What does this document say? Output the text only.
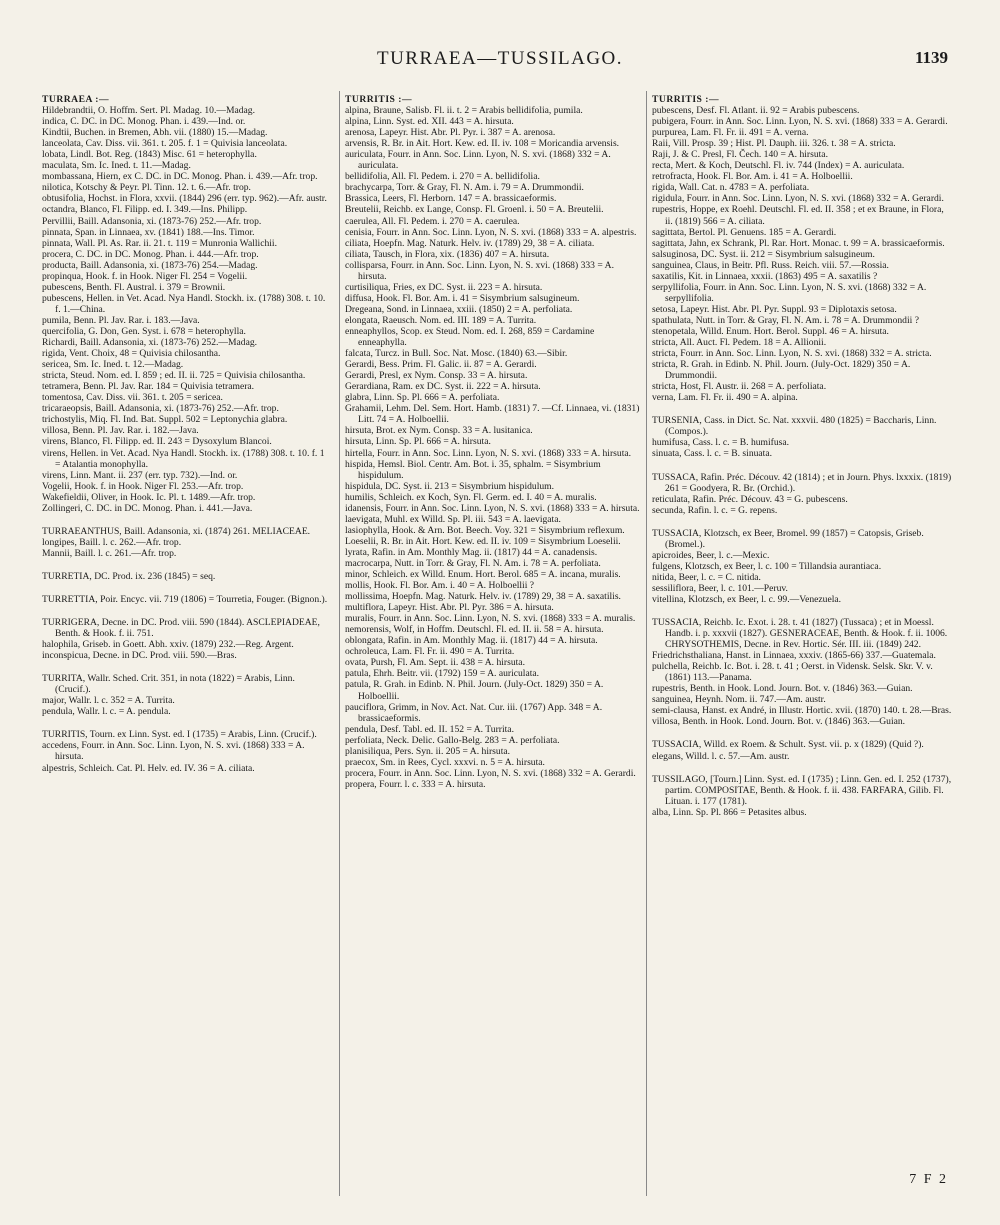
TURRAEA—TUSSILAGO.	1139

TURRAEA :—

Hildebrandtii, O. Hoffm. Sert. Pl. Madag. 10.—Madag.

indica, C. DC. in DC. Monog. Phan. i. 439.—Ind. or.

Kindtii, Buchen. in Bremen, Abh. vii. (1880) 15.—Madag.

lanceolata, Cav. Diss. vii. 361. t. 205. f. 1 = Quivisia lanceolata.

lobata, Lindl. Bot. Reg. (1843) Misc. 61 = heterophylla.

maculata, Sm. Ic. Ined. t. 11.—Madag.

mombassana, Hiern, ex C. DC. in DC. Monog. Phan. i. 439.—Afr. trop.

nilotica, Kotschy & Peyr. Pl. Tinn. 12. t. 6.—Afr. trop.

obtusifolia, Hochst. in Flora, xxvii. (1844) 296 (err. typ. 962).—Afr. austr.

octandra, Blanco, Fl. Filipp. ed. I. 349.—Ins. Philipp.

Pervillii, Baill. Adansonia, xi. (1873-76) 252.—Afr. trop.

pinnata, Span. in Linnaea, xv. (1841) 188.—Ins. Timor.

pinnata, Wall. Pl. As. Rar. ii. 21. t. 119 = Munronia Wallichii.

procera, C. DC. in DC. Monog. Phan. i. 444.—Afr. trop.

producta, Baill. Adansonia, xi. (1873-76) 254.—Madag.

propinqua, Hook. f. in Hook. Niger Fl. 254 = Vogelii.

pubescens, Benth. Fl. Austral. i. 379 = Brownii.

pubescens, Hellen. in Vet. Acad. Nya Handl. Stockh. ix. (1788) 308. t. 10. f. 1.—China.

pumila, Benn. Pl. Jav. Rar. i. 183.—Java.

quercifolia, G. Don, Gen. Syst. i. 678 = heterophylla.

Richardi, Baill. Adansonia, xi. (1873-76) 252.—Madag.

rigida, Vent. Choix, 48 = Quivisia chilosantha.

sericea, Sm. Ic. Ined. t. 12.—Madag.

stricta, Steud. Nom. ed. I. 859 ; ed. II. ii. 725 = Quivisia chilosantha.

tetramera, Benn. Pl. Jav. Rar. 184 = Quivisia tetramera.

tomentosa, Cav. Diss. vii. 361. t. 205 = sericea.

tricaraeopsis, Baill. Adansonia, xi. (1873-76) 252.—Afr. trop.

trichostylis, Miq. Fl. Ind. Bat. Suppl. 502 = Leptonychia glabra.

villosa, Benn. Pl. Jav. Rar. i. 182.—Java.

virens, Blanco, Fl. Filipp. ed. II. 243 = Dysoxylum Blancoi.

virens, Hellen. in Vet. Acad. Nya Handl. Stockh. ix. (1788) 308. t. 10. f. 1 = Atalantia monophylla.

virens, Linn. Mant. ii. 237 (err. typ. 732).—Ind. or.

Vogelii, Hook. f. in Hook. Niger Fl. 253.—Afr. trop.

Wakefieldii, Oliver, in Hook. Ic. Pl. t. 1489.—Afr. trop.

Zollingeri, C. DC. in DC. Monog. Phan. i. 441.—Java.

TURRAEANTHUS, Baill. Adansonia, xi. (1874) 261. MELIACEAE.

longipes, Baill. l. c. 262.—Afr. trop.

Mannii, Baill. l. c. 261.—Afr. trop.

TURRETIA, DC. Prod. ix. 236 (1845) = seq.

TURRETTIA, Poir. Encyc. vii. 719 (1806) = Tourretia, Fouger. (Bignon.).

TURRIGERA, Decne. in DC. Prod. viii. 590 (1844). ASCLEPIADEAE, Benth. & Hook. f. ii. 751.

halophila, Griseb. in Goett. Abh. xxiv. (1879) 232.—Reg. Argent.

inconspicua, Decne. in DC. Prod. viii. 590.—Bras.

TURRITA, Wallr. Sched. Crit. 351, in nota (1822) = Arabis, Linn. (Crucif.).

major, Wallr. l. c. 352 = A. Turrita.

pendula, Wallr. l. c. = A. pendula.

TURRITIS, Tourn. ex Linn. Syst. ed. I (1735) = Arabis, Linn. (Crucif.).

accedens, Fourr. in Ann. Soc. Linn. Lyon, N. S. xvi. (1868) 333 = A. hirsuta.

alpestris, Schleich. Cat. Pl. Helv. ed. IV. 36 = A. ciliata.

TURRITIS :—

alpina, Braune, Salisb. Fl. ii. t. 2 = Arabis bellidifolia, pumila.

alpina, Linn. Syst. ed. XII. 443 = A. hirsuta.

arenosa, Lapeyr. Hist. Abr. Pl. Pyr. i. 387 = A. arenosa.

arvensis, R. Br. in Ait. Hort. Kew. ed. II. iv. 108 = Moricandia arvensis.

auriculata, Fourr. in Ann. Soc. Linn. Lyon, N. S. xvi. (1868) 332 = A. auriculata.

bellidifolia, All. Fl. Pedem. i. 270 = A. bellidifolia.

brachycarpa, Torr. & Gray, Fl. N. Am. i. 79 = A. Drummondii.

Brassica, Leers, Fl. Herborn. 147 = A. brassicaeformis.

Breutelii, Reichb. ex Lange, Consp. Fl. Groenl. i. 50 = A. Breutelii.

caerulea, All. Fl. Pedem. i. 270 = A. caerulea.

cenisia, Fourr. in Ann. Soc. Linn. Lyon, N. S. xvi. (1868) 333 = A. alpestris.

ciliata, Hoepfn. Mag. Naturk. Helv. iv. (1789) 29, 38 = A. ciliata.

ciliata, Tausch, in Flora, xix. (1836) 407 = A. hirsuta.

collisparsa, Fourr. in Ann. Soc. Linn. Lyon, N. S. xvi. (1868) 333 = A. hirsuta.

curtisiliqua, Fries, ex DC. Syst. ii. 223 = A. hirsuta.

diffusa, Hook. Fl. Bor. Am. i. 41 = Sisymbrium salsugineum.

Dregeana, Sond. in Linnaea, xxiii. (1850) 2 = A. perfoliata.

elongata, Raeusch. Nom. ed. III. 189 = A. Turrita.

enneaphyllos, Scop. ex Steud. Nom. ed. I. 268, 859 = Cardamine enneaphylla.

falcata, Turcz. in Bull. Soc. Nat. Mosc. (1840) 63.—Sibir.

Gerardi, Bess. Prim. Fl. Galic. ii. 87 = A. Gerardi.

Gerardi, Presl, ex Nym. Consp. 33 = A. hirsuta.

Gerardiana, Ram. ex DC. Syst. ii. 222 = A. hirsuta.

glabra, Linn. Sp. Pl. 666 = A. perfoliata.

Grahamii, Lehm. Del. Sem. Hort. Hamb. (1831) 7. —Cf. Linnaea, vi. (1831) Litt. 74 = A. Holboellii.

hirsuta, Brot. ex Nym. Consp. 33 = A. lusitanica.

hirsuta, Linn. Sp. Pl. 666 = A. hirsuta.

hirtella, Fourr. in Ann. Soc. Linn. Lyon, N. S. xvi. (1868) 333 = A. hirsuta.

hispida, Hemsl. Biol. Centr. Am. Bot. i. 35, sphalm. = Sisymbrium hispidulum.

hispidula, DC. Syst. ii. 213 = Sisymbrium hispidulum.

humilis, Schleich. ex Koch, Syn. Fl. Germ. ed. I. 40 = A. muralis.

idanensis, Fourr. in Ann. Soc. Linn. Lyon, N. S. xvi. (1868) 333 = A. hirsuta.

laevigata, Muhl. ex Willd. Sp. Pl. iii. 543 = A. laevigata.

lasiophylla, Hook. & Arn. Bot. Beech. Voy. 321 = Sisymbrium reflexum.

Loeselii, R. Br. in Ait. Hort. Kew. ed. II. iv. 109 = Sisymbrium Loeselii.

lyrata, Rafin. in Am. Monthly Mag. ii. (1817) 44 = A. canadensis.

macrocarpa, Nutt. in Torr. & Gray, Fl. N. Am. i. 78 = A. perfoliata.

minor, Schleich. ex Willd. Enum. Hort. Berol. 685 = A. incana, muralis.

mollis, Hook. Fl. Bor. Am. i. 40 = A. Holboellii ?

mollissima, Hoepfn. Mag. Naturk. Helv. iv. (1789) 29, 38 = A. saxatilis.

multiflora, Lapeyr. Hist. Abr. Pl. Pyr. 386 = A. hirsuta.

muralis, Fourr. in Ann. Soc. Linn. Lyon, N. S. xvi. (1868) 333 = A. muralis.

nemorensis, Wolf, in Hoffm. Deutschl. Fl. ed. II. ii. 58 = A. hirsuta.

oblongata, Rafin. in Am. Monthly Mag. ii. (1817) 44 = A. hirsuta.

ochroleuca, Lam. Fl. Fr. ii. 490 = A. Turrita.

ovata, Pursh, Fl. Am. Sept. ii. 438 = A. hirsuta.

patula, Ehrh. Beitr. vii. (1792) 159 = A. auriculata.

patula, R. Grah. in Edinb. N. Phil. Journ. (July-Oct. 1829) 350 = A. Holboellii.

pauciflora, Grimm, in Nov. Act. Nat. Cur. iii. (1767) App. 348 = A. brassicaeformis.

pendula, Desf. Tabl. ed. II. 152 = A. Turrita.

perfoliata, Neck. Delic. Gallo-Belg. 283 = A. perfoliata.

planisiliqua, Pers. Syn. ii. 205 = A. hirsuta.

praecox, Sm. in Rees, Cycl. xxxvi. n. 5 = A. hirsuta.

procera, Fourr. in Ann. Soc. Linn. Lyon, N. S. xvi. (1868) 332 = A. Gerardi.

propera, Fourr. l. c. 333 = A. hirsuta.

TURRITIS :—

pubescens, Desf. Fl. Atlant. ii. 92 = Arabis pubescens.

pubigera, Fourr. in Ann. Soc. Linn. Lyon, N. S. xvi. (1868) 333 = A. Gerardi.

purpurea, Lam. Fl. Fr. ii. 491 = A. verna.

Raii, Vill. Prosp. 39 ; Hist. Pl. Dauph. iii. 326. t. 38 = A. stricta.

Raji, J. & C. Presl, Fl. Čech. 140 = A. hirsuta.

recta, Mert. & Koch, Deutschl. Fl. iv. 744 (Index) = A. auriculata.

retrofracta, Hook. Fl. Bor. Am. i. 41 = A. Holboellii.

rigida, Wall. Cat. n. 4783 = A. perfoliata.

rigidula, Fourr. in Ann. Soc. Linn. Lyon, N. S. xvi. (1868) 332 = A. Gerardi.

rupestris, Hoppe, ex Roehl. Deutschl. Fl. ed. II. 358 ; et ex Braune, in Flora, ii. (1819) 566 = A. ciliata.

sagittata, Bertol. Pl. Genuens. 185 = A. Gerardi.

sagittata, Jahn, ex Schrank, Pl. Rar. Hort. Monac. t. 99 = A. brassicaeformis.

salsuginosa, DC. Syst. ii. 212 = Sisymbrium salsugineum.

sanguinea, Claus, in Beitr. Pfl. Russ. Reich. viii. 57.—Rossia.

saxatilis, Kit. in Linnaea, xxxii. (1863) 495 = A. saxatilis ?

serpyllifolia, Fourr. in Ann. Soc. Linn. Lyon, N. S. xvi. (1868) 332 = A. serpyllifolia.

setosa, Lapeyr. Hist. Abr. Pl. Pyr. Suppl. 93 = Diplotaxis setosa.

spathulata, Nutt. in Torr. & Gray, Fl. N. Am. i. 78 = A. Drummondii ?

stenopetala, Willd. Enum. Hort. Berol. Suppl. 46 = A. hirsuta.

stricta, All. Auct. Fl. Pedem. 18 = A. Allionii.

stricta, Fourr. in Ann. Soc. Linn. Lyon, N. S. xvi. (1868) 332 = A. stricta.

stricta, R. Grah. in Edinb. N. Phil. Journ. (July-Oct. 1829) 350 = A. Drummondii.

stricta, Host, Fl. Austr. ii. 268 = A. perfoliata.

verna, Lam. Fl. Fr. ii. 490 = A. alpina.

TURSENIA, Cass. in Dict. Sc. Nat. xxxvii. 480 (1825) = Baccharis, Linn. (Compos.).

humifusa, Cass. l. c. = B. humifusa.

sinuata, Cass. l. c. = B. sinuata.

TUSSACA, Rafin. Préc. Découv. 42 (1814) ; et in Journ. Phys. lxxxix. (1819) 261 = Goodyera, R. Br. (Orchid.).

reticulata, Rafin. Préc. Découv. 43 = G. pubescens.

secunda, Rafin. l. c. = G. repens.

TUSSACIA, Klotzsch, ex Beer, Bromel. 99 (1857) = Catopsis, Griseb. (Bromel.).

apicroides, Beer, l. c.—Mexic.

fulgens, Klotzsch, ex Beer, l. c. 100 = Tillandsia aurantiaca.

nitida, Beer, l. c. = C. nitida.

sessiliflora, Beer, l. c. 101.—Peruv.

vitellina, Klotzsch, ex Beer, l. c. 99.—Venezuela.

TUSSACIA, Reichb. Ic. Exot. i. 28. t. 41 (1827) (Tussaca) ; et in Moessl. Handb. i. p. xxxvii (1827). GESNERACEAE, Benth. & Hook. f. ii. 1006. CHRYSOTHEMIS, Decne. in Rev. Hortic. Sér. III. iii. (1849) 242.

Friedrichsthaliana, Hanst. in Linnaea, xxxiv. (1865-66) 337.—Guatemala.

pulchella, Reichb. Ic. Bot. i. 28. t. 41 ; Oerst. in Vidensk. Selsk. Skr. V. v. (1861) 113.—Panama.

rupestris, Benth. in Hook. Lond. Journ. Bot. v. (1846) 363.—Guian.

sanguinea, Heynh. Nom. ii. 747.—Am. austr.

semi-clausa, Hanst. ex André, in Illustr. Hortic. xvii. (1870) 140. t. 28.—Bras.

villosa, Benth. in Hook. Lond. Journ. Bot. v. (1846) 363.—Guian.

TUSSACIA, Willd. ex Roem. & Schult. Syst. vii. p. x (1829) (Quid ?).

elegans, Willd. l. c. 57.—Am. austr.

TUSSILAGO, [Tourn.] Linn. Syst. ed. I (1735) ; Linn. Gen. ed. I. 252 (1737), partim. COMPOSITAE, Benth. & Hook. f. ii. 438. FARFARA, Gilib. Fl. Lituan. i. 177 (1781).

alba, Linn. Sp. Pl. 866 = Petasites albus.

7 F 2
